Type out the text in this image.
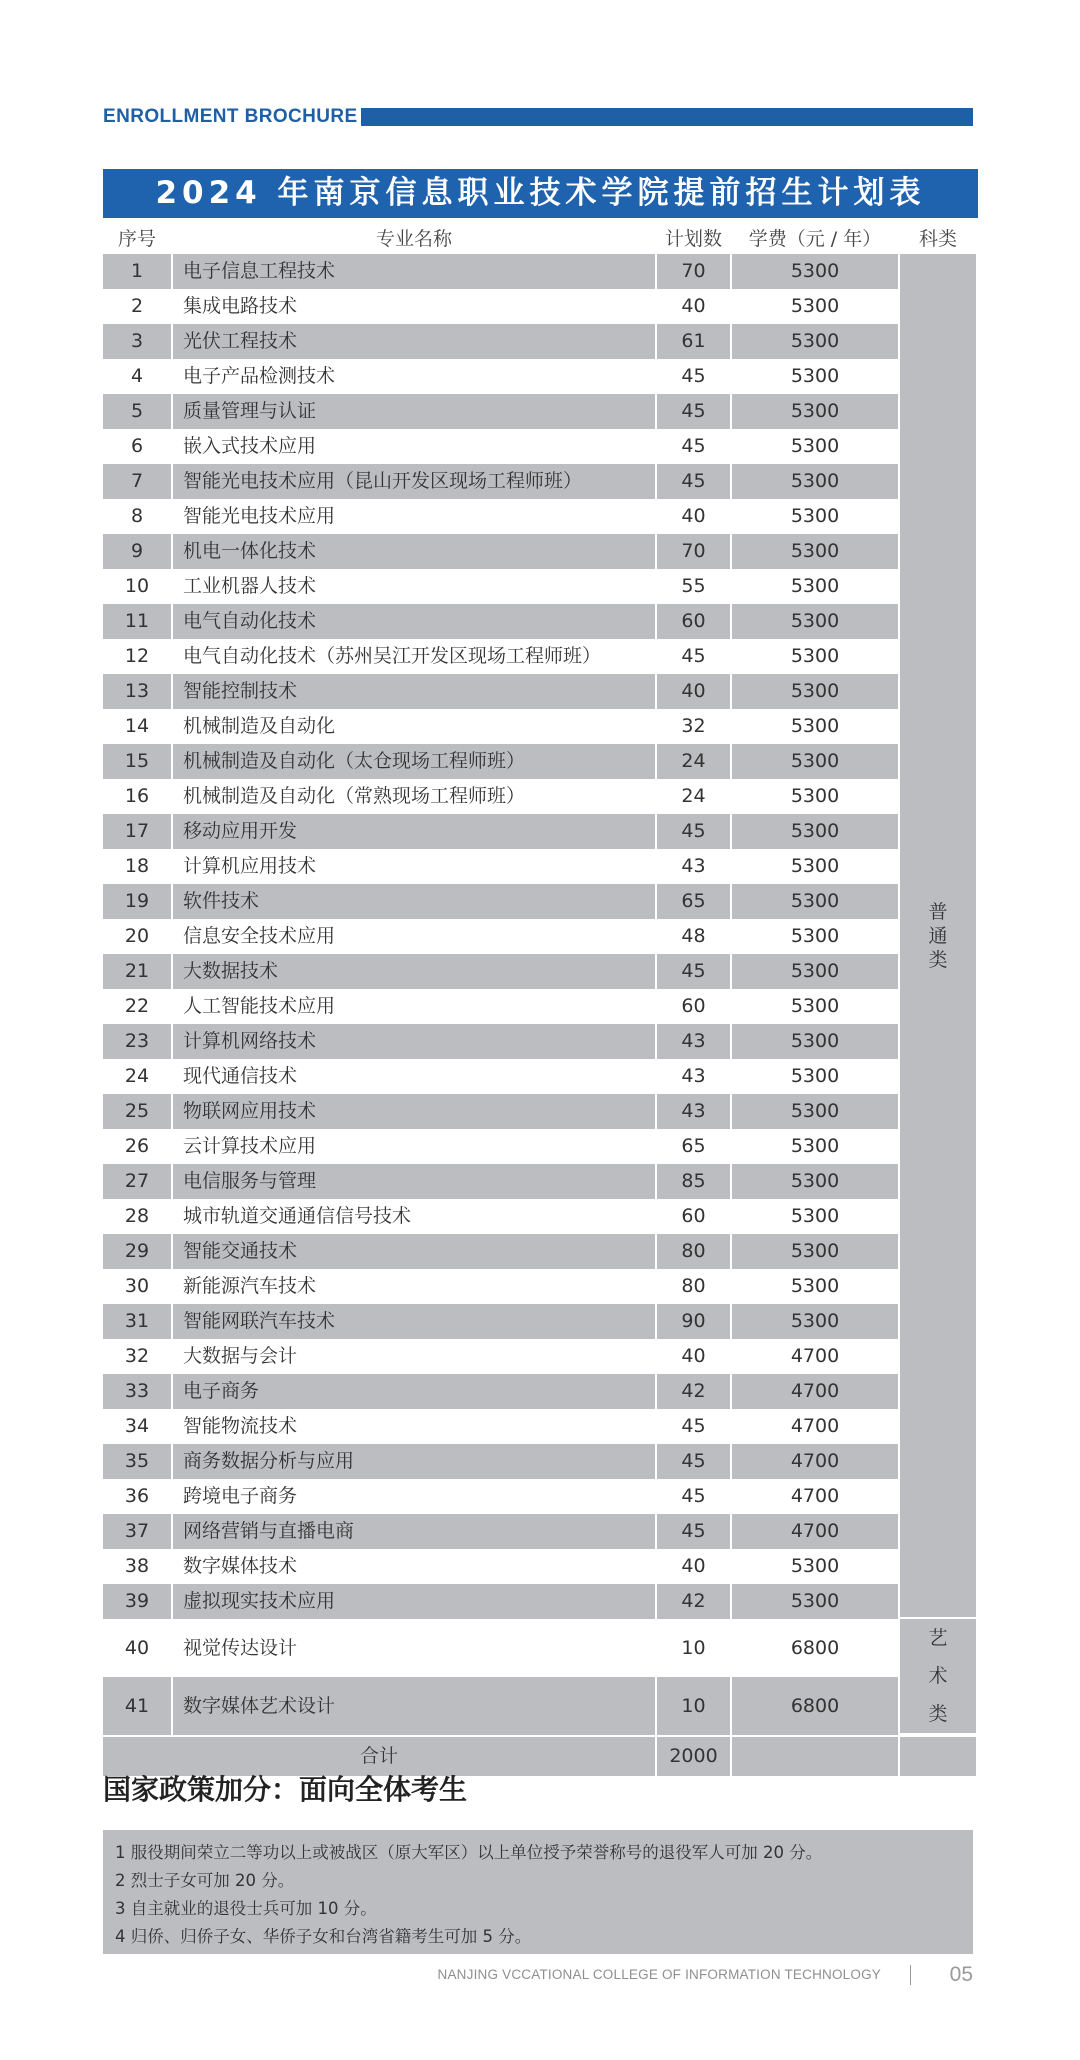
ENROLLMENT BROCHURE
2024 年南京信息职业技术学院提前招生计划表
序号	专业名称	计划数	学费（元 / 年）	科类
1	电子信息工程技术	70	5300	普通类
2	集成电路技术	40	5300	
3	光伏工程技术	61	5300	
4	电子产品检测技术	45	5300	
5	质量管理与认证	45	5300	
6	嵌入式技术应用	45	5300	
7	智能光电技术应用（昆山开发区现场工程师班）	45	5300	
8	智能光电技术应用	40	5300	
9	机电一体化技术	70	5300	
10	工业机器人技术	55	5300	
11	电气自动化技术	60	5300	
12	电气自动化技术（苏州吴江开发区现场工程师班）	45	5300	
13	智能控制技术	40	5300	
14	机械制造及自动化	32	5300	
15	机械制造及自动化（太仓现场工程师班）	24	5300	
16	机械制造及自动化（常熟现场工程师班）	24	5300	
17	移动应用开发	45	5300	
18	计算机应用技术	43	5300	
19	软件技术	65	5300	
20	信息安全技术应用	48	5300	
21	大数据技术	45	5300	
22	人工智能技术应用	60	5300	
23	计算机网络技术	43	5300	
24	现代通信技术	43	5300	
25	物联网应用技术	43	5300	
26	云计算技术应用	65	5300	
27	电信服务与管理	85	5300	
28	城市轨道交通通信信号技术	60	5300	
29	智能交通技术	80	5300	
30	新能源汽车技术	80	5300	
31	智能网联汽车技术	90	5300	
32	大数据与会计	40	4700	
33	电子商务	42	4700	
34	智能物流技术	45	4700	
35	商务数据分析与应用	45	4700	
36	跨境电子商务	45	4700	
37	网络营销与直播电商	45	4700	
38	数字媒体技术	40	5300	
39	虚拟现实技术应用	42	5300	
40	视觉传达设计	10	6800	艺术类
41	数字媒体艺术设计	10	6800	
合计		2000		
国家政策加分：面向全体考生
1 服役期间荣立二等功以上或被战区（原大军区）以上单位授予荣誉称号的退役军人可加 20 分。
2 烈士子女可加 20 分。
3 自主就业的退役士兵可加 10 分。
4 归侨、归侨子女、华侨子女和台湾省籍考生可加 5 分。
NANJING VCCATIONAL COLLEGE OF INFORMATION TECHNOLOGY	05
